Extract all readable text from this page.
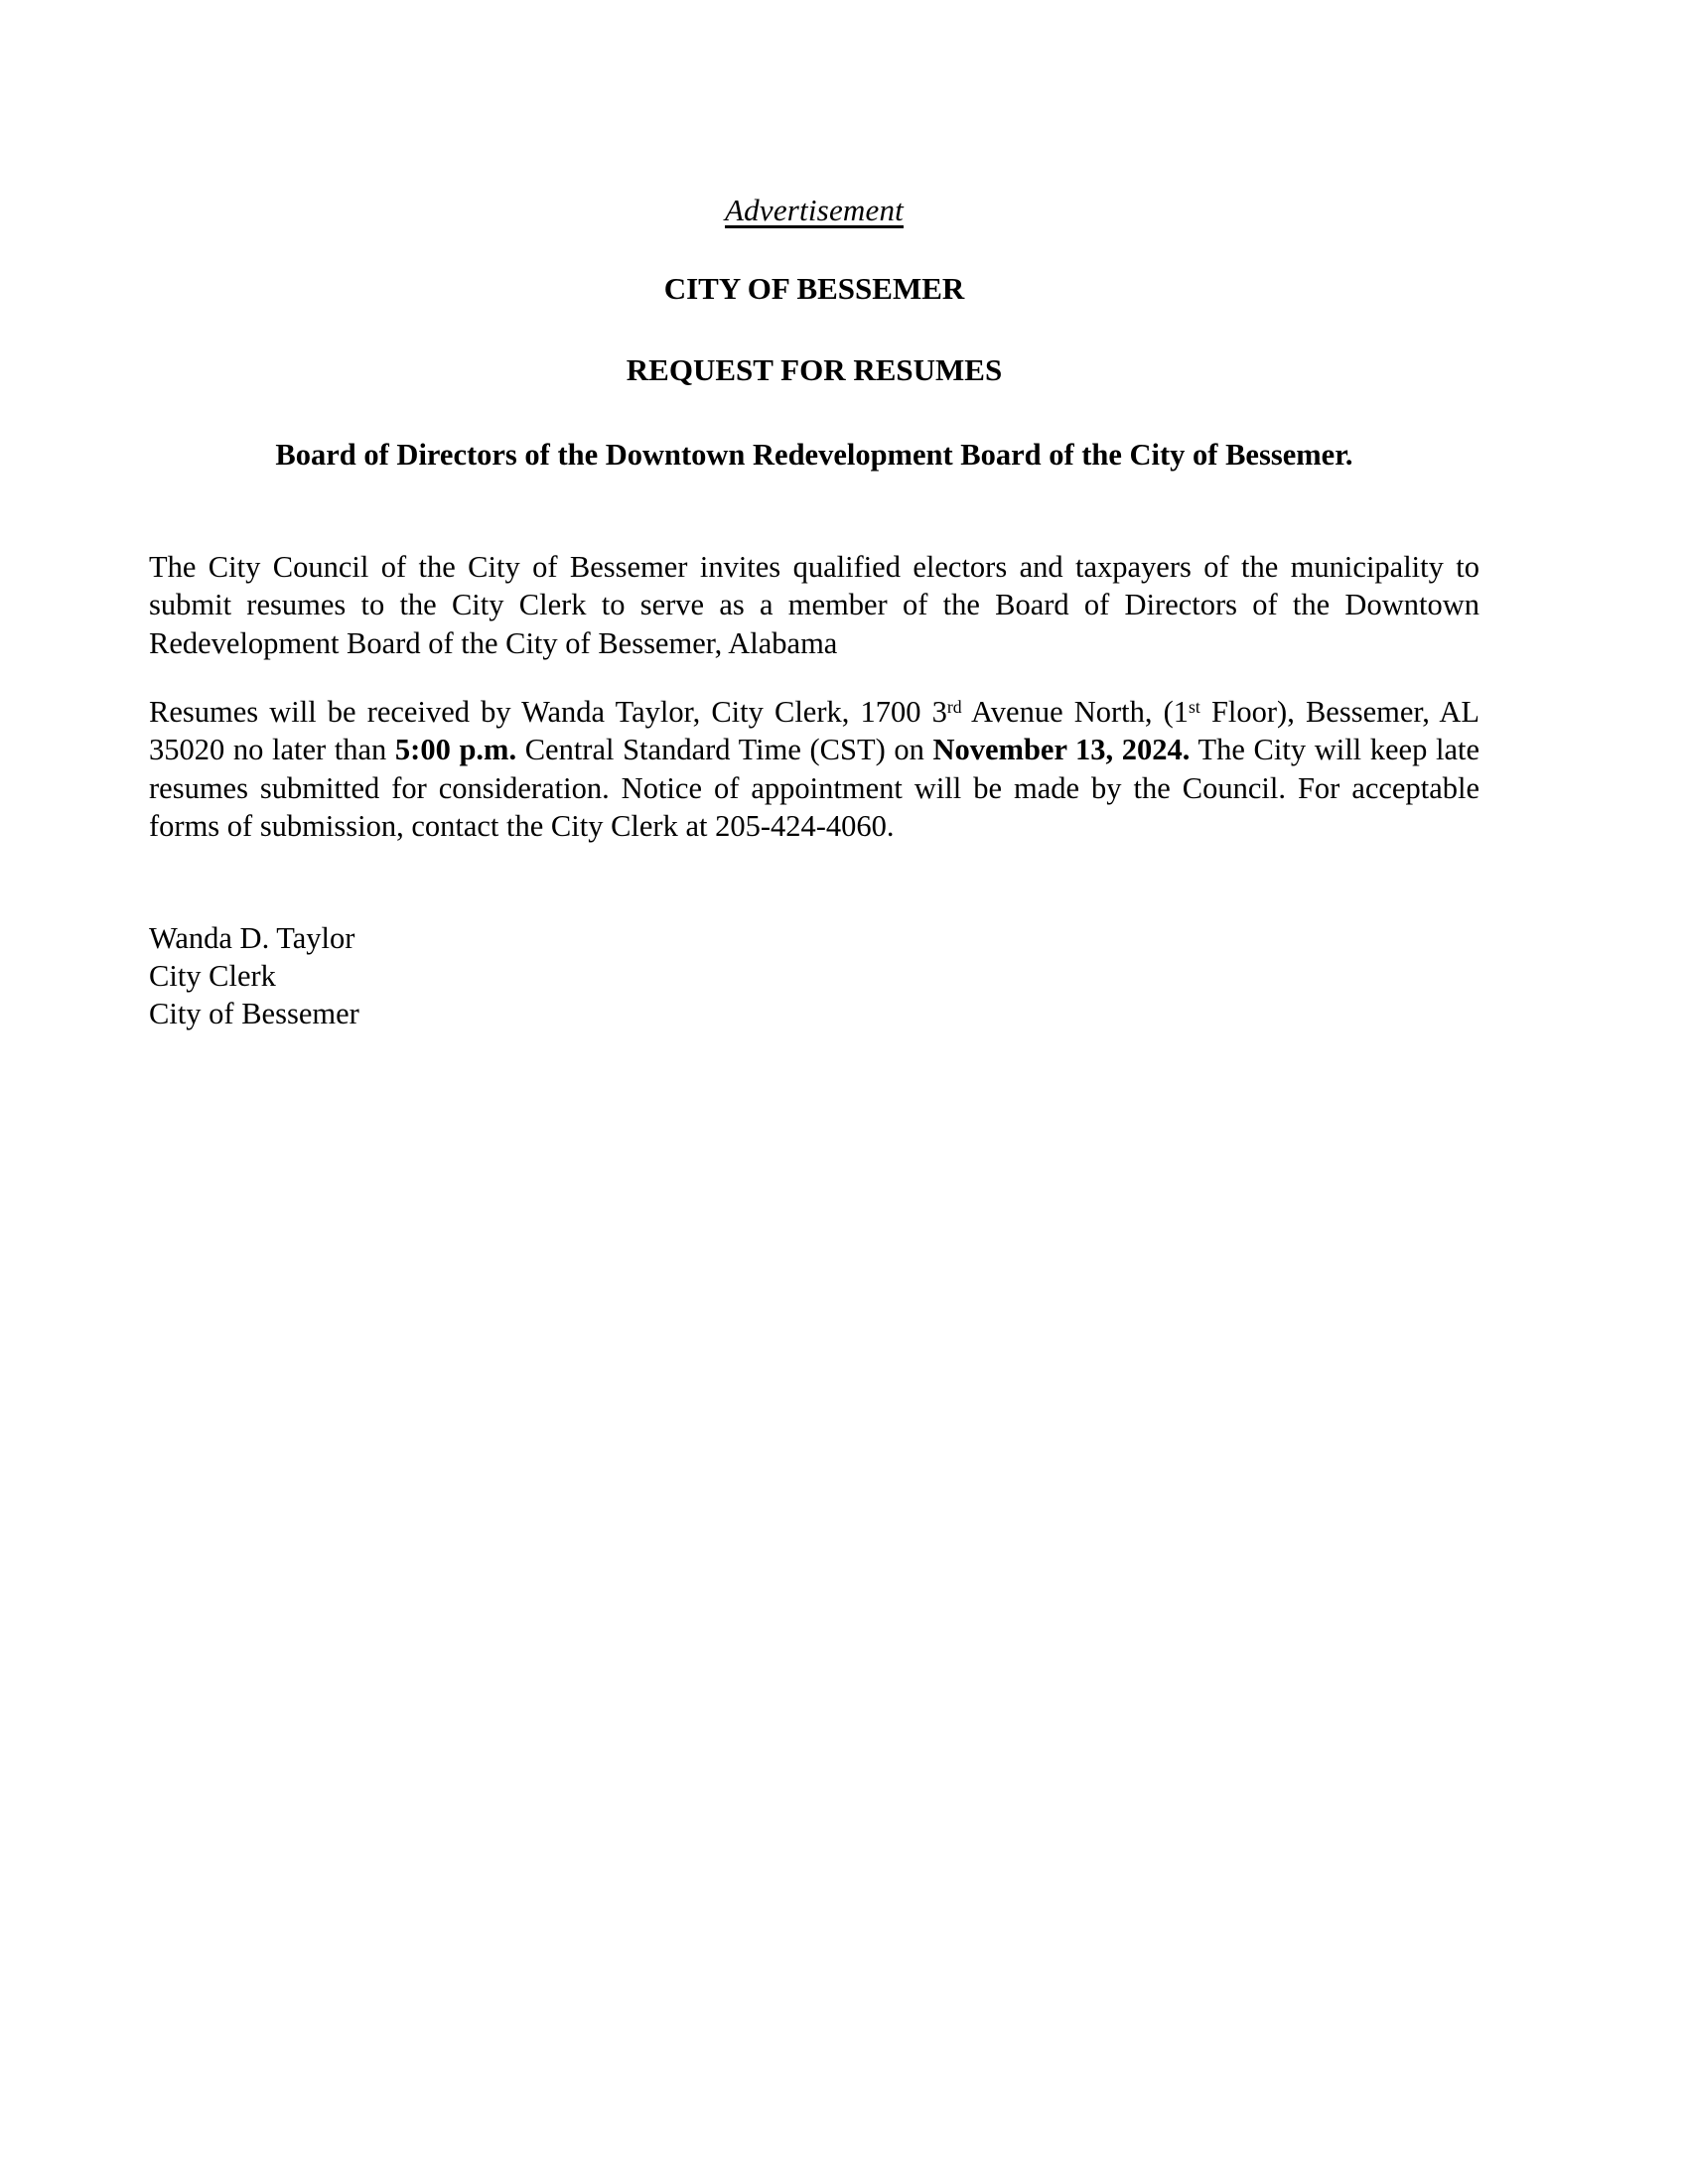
Advertisement
CITY OF BESSEMER
REQUEST FOR RESUMES
Board of Directors of the Downtown Redevelopment Board of the City of Bessemer.

The City Council of the City of Bessemer invites qualified electors and taxpayers of the municipality to submit resumes to the City Clerk to serve as a member of the Board of Directors of the Downtown Redevelopment Board of the City of Bessemer, Alabama

Resumes will be received by Wanda Taylor, City Clerk, 1700 3rd Avenue North, (1st Floor), Bessemer, AL 35020 no later than 5:00 p.m. Central Standard Time (CST) on November 13, 2024. The City will keep late resumes submitted for consideration. Notice of appointment will be made by the Council. For acceptable forms of submission, contact the City Clerk at 205-424-4060.

Wanda D. Taylor
City Clerk
City of Bessemer
